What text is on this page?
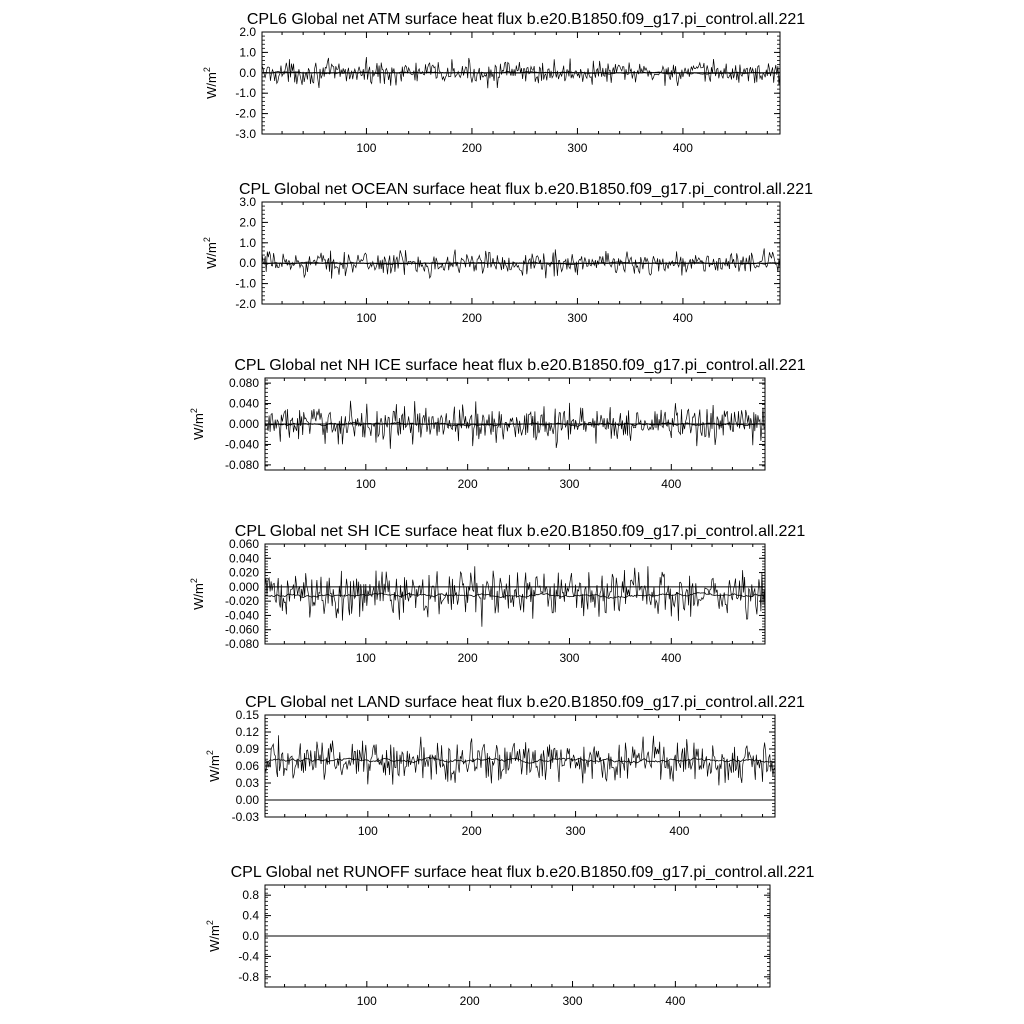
CPL6 Global net ATM surface heat flux b.e20.B1850.f09_g17.pi_control.all.221
100	200	300	400
2.0
1.0
0.0
-1.0
-2.0
-3.0
$W/m^2$
CPL Global net OCEAN surface heat flux b.e20.B1850.f09_g17.pi_control.all.221
100	200	300	400
3.0
2.0
1.0
0.0
-1.0
-2.0
$W/m^2$
CPL Global net NH ICE surface heat flux b.e20.B1850.f09_g17.pi_control.all.221
100	200	300	400
0.080
0.040
0.000
-0.040
-0.080
$W/m^2$
CPL Global net SH ICE surface heat flux b.e20.B1850.f09_g17.pi_control.all.221
100	200	300	400
0.060
0.040
0.020
0.000
-0.020
-0.040
-0.060
-0.080
$W/m^2$
CPL Global net LAND surface heat flux b.e20.B1850.f09_g17.pi_control.all.221
100	200	300	400
0.15
0.12
0.09
0.06
0.03
0.00
-0.03
$W/m^2$
CPL Global net RUNOFF surface heat flux b.e20.B1850.f09_g17.pi_control.all.221
100	200	300	400
0.8
0.4
0.0
-0.4
-0.8
$W/m^2$
